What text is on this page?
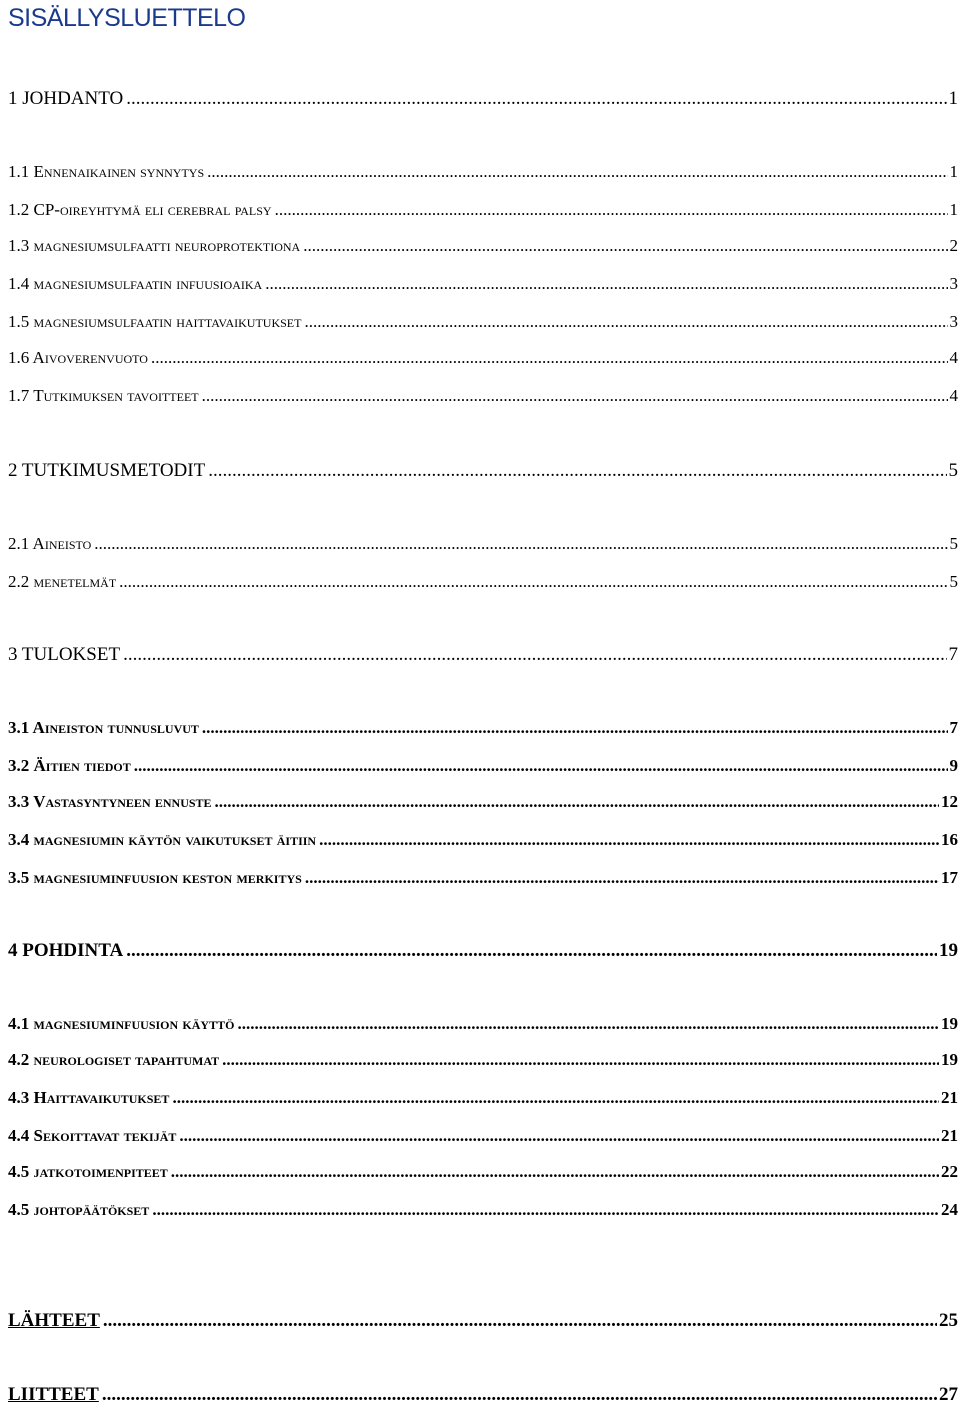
SISÄLLYSLUETTELO
1 JOHDANTO .....	1
1.1 Ennenaikainen synnytys .....	1
1.2 CP-oireyhtymä eli cerebral palsy .....	1
1.3 magnesiumsulfaatti neuroprotektiona .....	2
1.4 magnesiumsulfaatin infuusioaika .....	3
1.5 magnesiumsulfaatin haittavaikutukset .....	3
1.6 Aivoverenvuoto .....	4
1.7 Tutkimuksen tavoitteet .....	4
2 TUTKIMUSMETODIT .....	5
2.1 Aineisto .....	5
2.2 menetelmät .....	5
3 TULOKSET .....	7
3.1 Aineiston tunnusluvut .....	7
3.2 Äitien tiedot .....	9
3.3 Vastasyntyneen ennuste .....	12
3.4 magnesiumin käytön vaikutukset äitiin .....	16
3.5 magnesiuminfuusion keston merkitys .....	17
4 POHDINTA .....	19
4.1 magnesiuminfuusion käyttö .....	19
4.2 neurologiset tapahtumat .....	19
4.3 Haittavaikutukset .....	21
4.4 Sekoittavat tekijät .....	21
4.5 jatkotoimenpiteet .....	22
4.5 johtopäätökset .....	24
LÄHTEET .....	25
LIITTEET .....	27
